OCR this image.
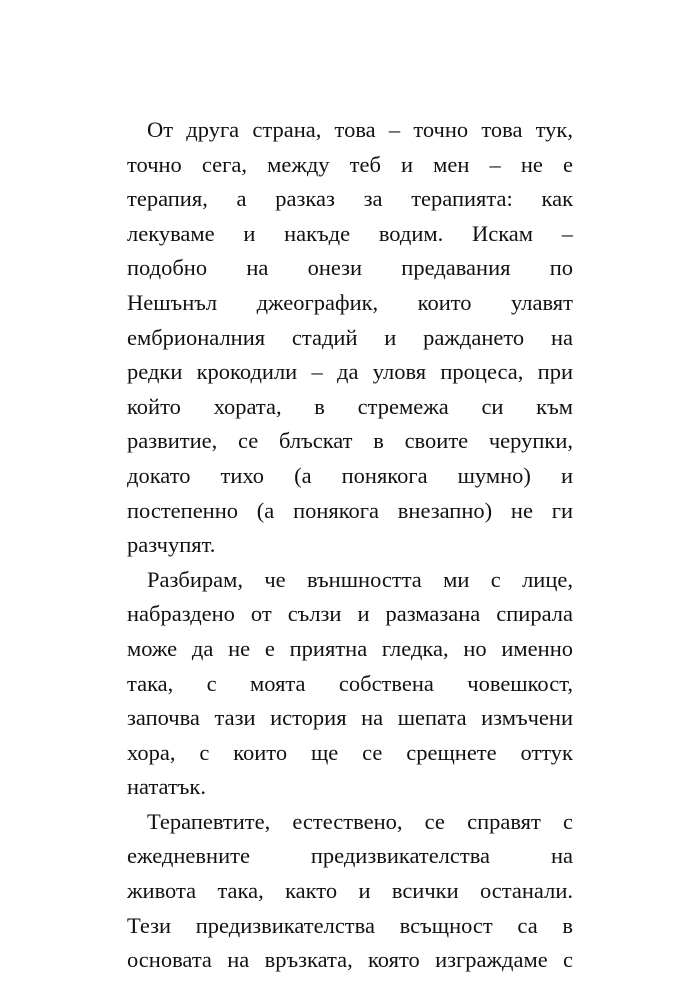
От друга страна, това – точно това тук,
точно сега, между теб и мен – не е
терапия, а разказ за терапията: как
лекуваме и накъде водим. Искам –
подобно на онези предавания по
Нешънъл джеографик, които улавят
ембрионалния стадий и раждането на
редки крокодили – да уловя процеса, при
който хората, в стремежа си към
развитие, се блъскат в своите черупки,
докато тихо (а понякога шумно) и
постепенно (а понякога внезапно) не ги
разчупят.
Разбирам, че външността ми с лице,
набраздено от сълзи и размазана спирала
може да не е приятна гледка, но именно
така, с моята собствена човешкост,
започва тази история на шепата измъчени
хора, с които ще се срещнете оттук
нататък.
Терапевтите, естествено, се справят с
ежедневните предизвикателства на
живота така, както и всички останали.
Тези предизвикателства всъщност са в
основата на връзката, която изграждаме с
